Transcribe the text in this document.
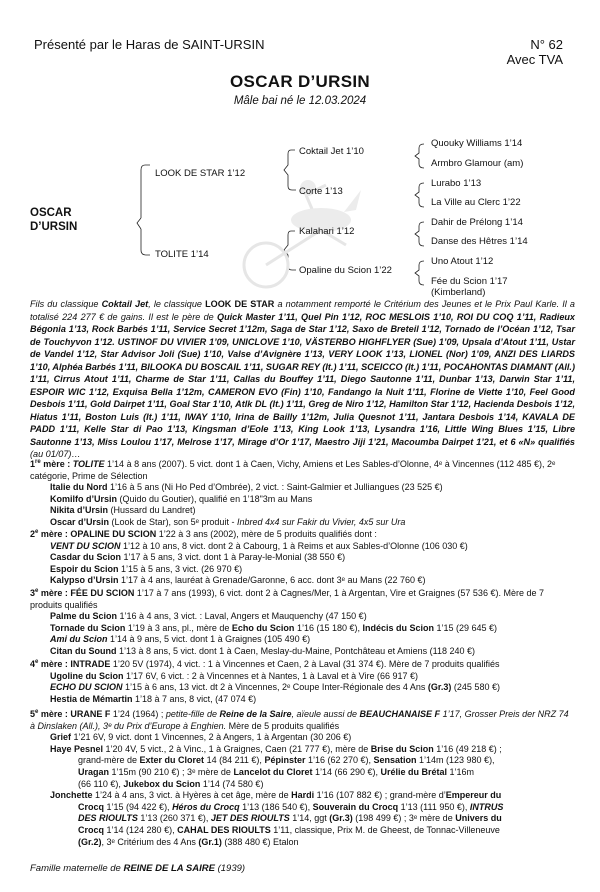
Présenté par le Haras de SAINT-URSIN	N° 62
Avec TVA
OSCAR D’URSIN
Mâle bai né le 12.03.2024
OSCAR
D’URSIN
LOOK DE STAR 1’12
TOLITE 1’14
Coktail Jet 1’10
Corte 1’13
Kalahari 1’12
Opaline du Scion 1’22
Quouky Williams 1’14
Armbro Glamour (am)
Lurabo 1’13
La Ville au Clerc 1’22
Dahir de Prélong 1’14
Danse des Hêtres 1’14
Uno Atout 1’12
Fée du Scion 1’17
(Kimberland)

Fils du classique Coktail Jet, le classique LOOK DE STAR a notamment remporté le Critérium des Jeunes et le Prix Paul Karle. Il a totalisé 224 277 € de gains. Il est le père de Quick Master 1’11, Quel Pin 1’12, ROC MESLOIS 1’10, ROI DU COQ 1’11, Radieux Bégonia 1’13, Rock Barbés 1’11, Service Secret 1’12m, Saga de Star 1’12, Saxo de Breteil 1’12, Tornado de l’Océan 1’12, Tsar de Touchyvon 1’12. USTINOF DU VIVIER 1’09, UNICLOVE 1’10, VÄSTERBO HIGHFLYER (Sue) 1’09, Upsala d’Atout 1’11, Ustar de Vandel 1’12, Star Advisor Joli (Sue) 1’10, Valse d’Avignère 1’13, VERY LOOK 1’13, LIONEL (Nor) 1’09, ANZI DES LIARDS 1’10, Alphéa Barbés 1’11, BILOOKA DU BOSCAIL 1’11, SUGAR REY (It.) 1’11, SCEICCO (It.) 1’11, POCAHONTAS DIAMANT (All.) 1’11, Cirrus Atout 1’11, Charme de Star 1’11, Callas du Bouffey 1’11, Diego Sautonne 1’11, Dunbar 1’13, Darwin Star 1’11, ESPOIR WIC 1’12, Exquisa Bella 1’12m, CAMERON EVO (Fin) 1’10, Fandango la Nuit 1’11, Florine de Viette 1’10, Feel Good Desbois 1’11, Gold Dairpet 1’11, Goal Star 1’10, Atlk DL (It.) 1’11, Greg de Niro 1’12, Hamilton Star 1’12, Hacienda Desbois 1’12, Hiatus 1’11, Boston Luis (It.) 1’11, IWAY 1’10, Irina de Bailly 1’12m, Julia Quesnot 1’11, Jantara Desbois 1’14, KAVALA DE PADD 1’11, Kelle Star di Pao 1’13, Kingsman d’Eole 1’13, King Look 1’13, Lysandra 1’16, Little Wing Blues 1’15, Libre Sautonne 1’13, Miss Loulou 1’17, Melrose 1’17, Mirage d’Or 1’17, Maestro Jiji 1’21, Macoumba Dairpet 1’21, et 6 «N» qualifiés (au 01/07)…

1re mère : TOLITE 1’14 à 8 ans (2007). 5 vict. dont 1 à Caen, Vichy, Amiens et Les Sables-d’Olonne, 4ᵉ à Vincennes (112 485 €), 2ᵉ catégorie, Prime de Sélection
Italie du Nord 1’16 à 5 ans (Ni Ho Ped d’Ombrée), 2 vict. : Saint-Galmier et Julliangues (23 525 €)
Komilfo d’Ursin (Quido du Goutier), qualifié en 1’18"3m au Mans
Nikita d’Ursin (Hussard du Landret)
Oscar d’Ursin (Look de Star), son 5ᵉ produit - Inbred 4x4 sur Fakir du Vivier, 4x5 sur Ura
2e mère : OPALINE DU SCION 1’22 à 3 ans (2002), mère de 5 produits qualifiés dont :
VENT DU SCION 1’12 à 10 ans, 8 vict. dont 2 à Cabourg, 1 à Reims et aux Sables-d’Olonne (106 030 €)
Casdar du Scion 1’17 à 5 ans, 3 vict. dont 1 à Paray-le-Monial (38 550 €)
Espoir du Scion 1’15 à 5 ans, 3 vict. (26 970 €)
Kalypso d’Ursin 1’17 à 4 ans, lauréat à Grenade/Garonne, 6 acc. dont 3ᵉ au Mans (22 760 €)
3e mère : FÉE DU SCION 1’17 à 7 ans (1993), 6 vict. dont 2 à Cagnes/Mer, 1 à Argentan, Vire et Graignes (57 536 €). Mère de 7 produits qualifiés
Palme du Scion 1’16 à 4 ans, 3 vict. : Laval, Angers et Mauquenchy (47 150 €)
Tornade du Scion 1’19 à 3 ans, pl., mère de Echo du Scion 1’16 (15 180 €), Indécis du Scion 1’15 (29 645 €)
Ami du Scion 1’14 à 9 ans, 5 vict. dont 1 à Graignes (105 490 €)
Citan du Sound 1’13 à 8 ans, 5 vict. dont 1 à Caen, Meslay-du-Maine, Pontchâteau et Amiens (118 240 €)
4e mère : INTRADE 1’20 5V (1974), 4 vict. : 1 à Vincennes et Caen, 2 à Laval (31 374 €). Mère de 7 produits qualifiés
Ugoline du Scion 1’17 6V, 6 vict. : 2 à Vincennes et à Nantes, 1 à Laval et à Vire (66 917 €)
ECHO DU SCION 1’15 à 6 ans, 13 vict. dt 2 à Vincennes, 2ᵉ Coupe Inter-Régionale des 4 Ans (Gr.3) (245 580 €)
Hestia de Mémartin 1’18 à 7 ans, 8 vict, (47 074 €)
5e mère : URANE F 1’24 (1964) ; petite-fille de Reine de la Saire, aïeule aussi de BEAUCHANAISE F 1’17, Grosser Preis der NRZ 74 à Dinslaken (All.), 3ᵉ du Prix d’Europe à Enghien. Mère de 5 produits qualifiés
Grief 1’21 6V, 9 vict. dont 1 Vincennes, 2 à Angers, 1 à Argentan (30 206 €)
Haye Pesnel 1’20 4V, 5 vict., 2 à Vinc., 1 à Graignes, Caen (21 777 €), mère de Brise du Scion 1’16 (49 218 €) ;
grand-mère de Exter du Cloret 14 (84 211 €), Pépinster 1’16 (62 270 €), Sensation 1’14m (123 980 €),
Uragan 1’15m (90 210 €) ; 3ᵉ mère de Lancelot du Cloret 1’14 (66 290 €), Urélie du Brétal 1’16m
(66 110 €), Jukebox du Scion 1’14 (74 580 €)
Jonchette 1’24 à 4 ans, 3 vict. à Hyères à cet âge, mère de Hardi 1’16 (107 882 €) ; grand-mère d’Empereur du
Crocq 1’15 (94 422 €), Héros du Crocq 1’13 (186 540 €), Souverain du Crocq 1’13 (111 950 €), INTRUS
DES RIOULTS 1’13 (260 371 €), JET DES RIOULTS 1’14, ggt (Gr.3) (198 499 €) ; 3ᵉ mère de Univers du
Crocq 1’14 (124 280 €), CAHAL DES RIOULTS 1’11, classique, Prix M. de Gheest, de Tonnac-Villeneuve
(Gr.2), 3ᵉ Critérium des 4 Ans (Gr.1) (388 480 €) Etalon
Famille maternelle de REINE DE LA SAIRE (1939)
